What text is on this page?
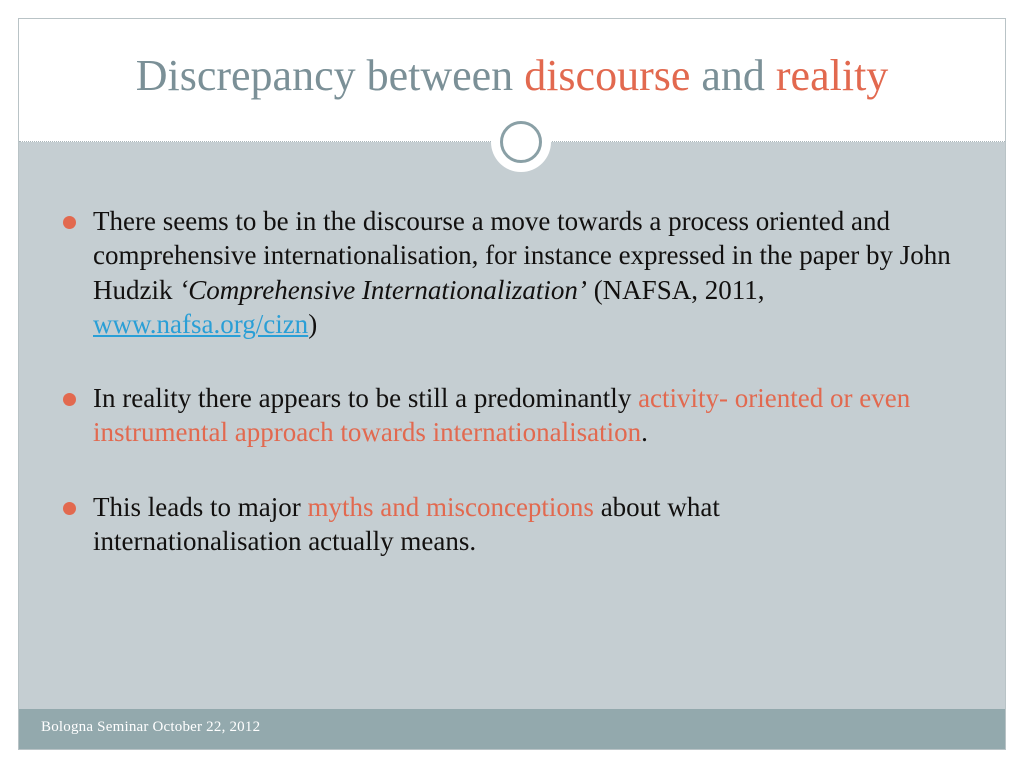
Discrepancy between discourse and reality
There seems to be in the discourse a move towards a process oriented and comprehensive internationalisation, for instance expressed in the paper by John Hudzik ‘Comprehensive Internationalization’ (NAFSA, 2011, www.nafsa.org/cizn)
In reality there appears to be still a predominantly activity- oriented or even instrumental approach towards internationalisation.
This leads to major myths and misconceptions about what internationalisation actually means.
Bologna Seminar October 22, 2012
